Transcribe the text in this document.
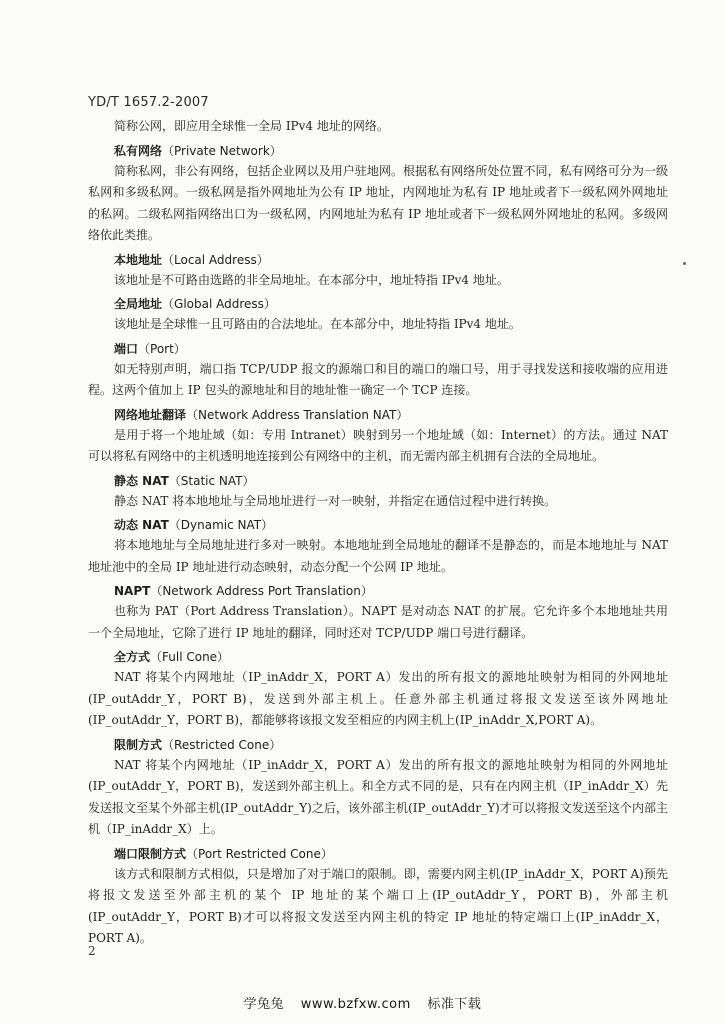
YD/T 1657.2-2007

简称公网，即应用全球惟一全局 IPv4 地址的网络。

私有网络（Private Network）

简称私网，非公有网络，包括企业网以及用户驻地网。根据私有网络所处位置不同，私有网络可分为一级私网和多级私网。一级私网是指外网地址为公有 IP 地址，内网地址为私有 IP 地址或者下一级私网外网地址的私网。二级私网指网络出口为一级私网，内网地址为私有 IP 地址或者下一级私网外网地址的私网。多级网络依此类推。

本地地址（Local Address）

该地址是不可路由选路的非全局地址。在本部分中，地址特指 IPv4 地址。

全局地址（Global Address）

该地址是全球惟一且可路由的合法地址。在本部分中，地址特指 IPv4 地址。

端口（Port）

如无特别声明，端口指 TCP/UDP 报文的源端口和目的端口的端口号，用于寻找发送和接收端的应用进程。这两个值加上 IP 包头的源地址和目的地址惟一确定一个 TCP 连接。

网络地址翻译（Network Address Translation NAT）

是用于将一个地址域（如：专用 Intranet）映射到另一个地址域（如：Internet）的方法。通过 NAT 可以将私有网络中的主机透明地连接到公有网络中的主机，而无需内部主机拥有合法的全局地址。

静态 NAT（Static NAT）

静态 NAT 将本地地址与全局地址进行一对一映射，并指定在通信过程中进行转换。

动态 NAT（Dynamic NAT）

将本地地址与全局地址进行多对一映射。本地地址到全局地址的翻译不是静态的，而是本地地址与 NAT 地址池中的全局 IP 地址进行动态映射，动态分配一个公网 IP 地址。

NAPT（Network Address Port Translation）

也称为 PAT（Port Address Translation）。NAPT 是对动态 NAT 的扩展。它允许多个本地地址共用一个全局地址，它除了进行 IP 地址的翻译，同时还对 TCP/UDP 端口号进行翻译。

全方式（Full Cone）

NAT 将某个内网地址（IP_inAddr_X，PORT A）发出的所有报文的源地址映射为相同的外网地址(IP_outAddr_Y，PORT B)，发送到外部主机上。任意外部主机通过将报文发送至该外网地址(IP_outAddr_Y，PORT B)，都能够将该报文发至相应的内网主机上(IP_inAddr_X,PORT A)。

限制方式（Restricted Cone）

NAT 将某个内网地址（IP_inAddr_X，PORT A）发出的所有报文的源地址映射为相同的外网地址(IP_outAddr_Y，PORT B)，发送到外部主机上。和全方式不同的是，只有在内网主机（IP_inAddr_X）先发送报文至某个外部主机(IP_outAddr_Y)之后，该外部主机(IP_outAddr_Y)才可以将报文发送至这个内部主机（IP_inAddr_X）上。

端口限制方式（Port Restricted Cone）

该方式和限制方式相似，只是增加了对于端口的限制。即，需要内网主机(IP_inAddr_X，PORT A)预先将报文发送至外部主机的某个 IP 地址的某个端口上(IP_outAddr_Y，PORT B)，外部主机(IP_outAddr_Y，PORT B)才可以将报文发送至内网主机的特定 IP 地址的特定端口上(IP_inAddr_X，PORT A)。

2
学兔兔 www.bzfxw.com 标准下载
